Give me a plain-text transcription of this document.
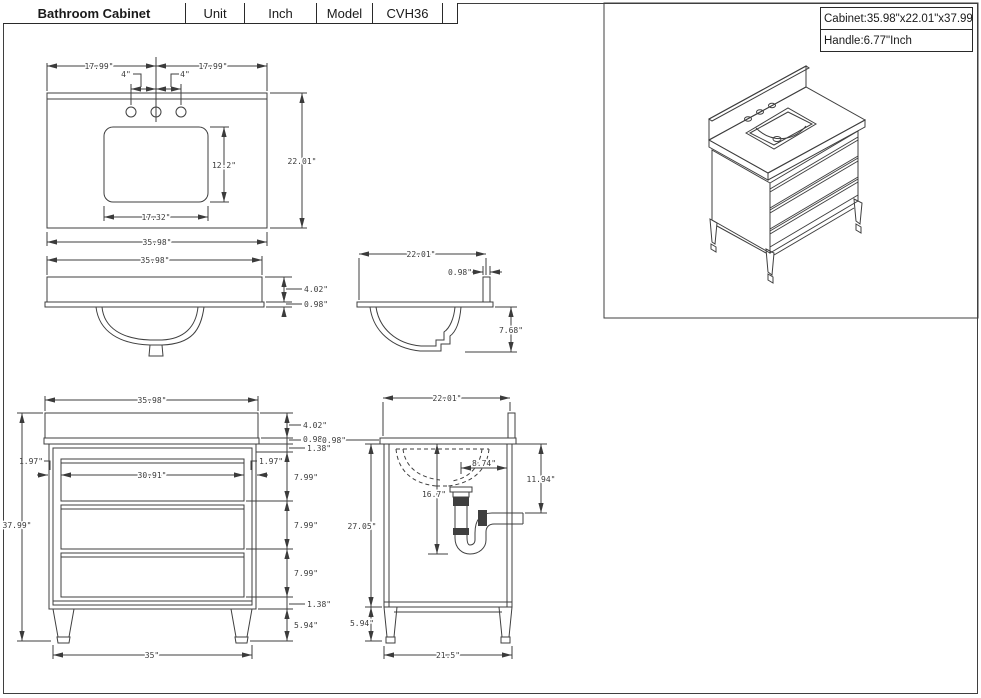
Bathroom Cabinet	Unit	Inch	Model	CVH36	Cabinet:35.98"x22.01"x37.99
Handle:6.77"Inch
17.99"	17.99"
4"	4"
12.2"
17.32"
22.01"
35.98"
35.98"
4.02"
0.98"
22.01"
0.98"
7.68"
35.98"
4.02"
0.98"
1.38"
7.99"
7.99"
7.99"
1.38"
5.94"
0.98"
1.97"	1.97"
30.91"
37.99"
35"
22.01"
8.74"
11.94"
16.7"
27.05"
5.94"
21.5"
